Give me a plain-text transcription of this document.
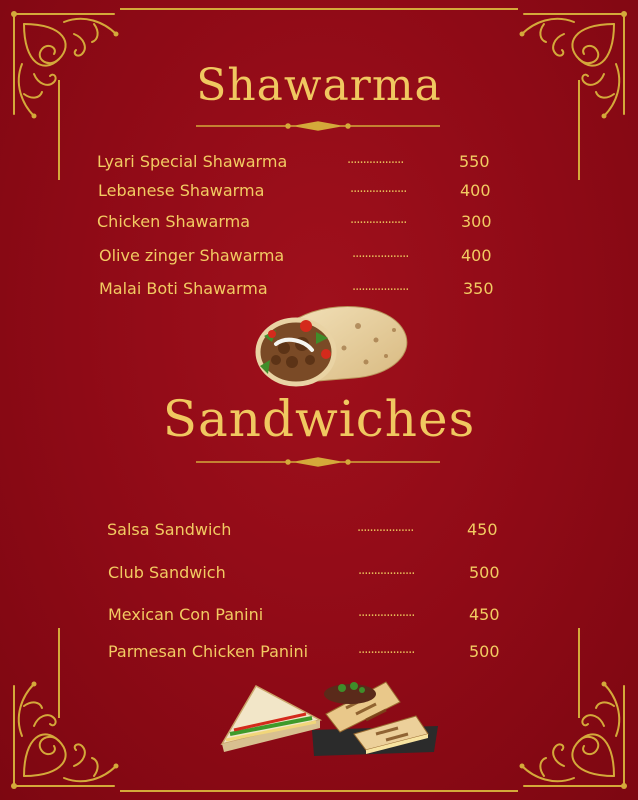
Shawarma
Lyari Special Shawarma	..................	550
Lebanese Shawarma	..................	400
Chicken Shawarma	..................	300
Olive zinger Shawarma	..................	400
Malai Boti Shawarma	..................	350
Sandwiches
Salsa Sandwich	..................	450
Club Sandwich	..................	500
Mexican Con Panini	..................	450
Parmesan Chicken Panini	..................	500
